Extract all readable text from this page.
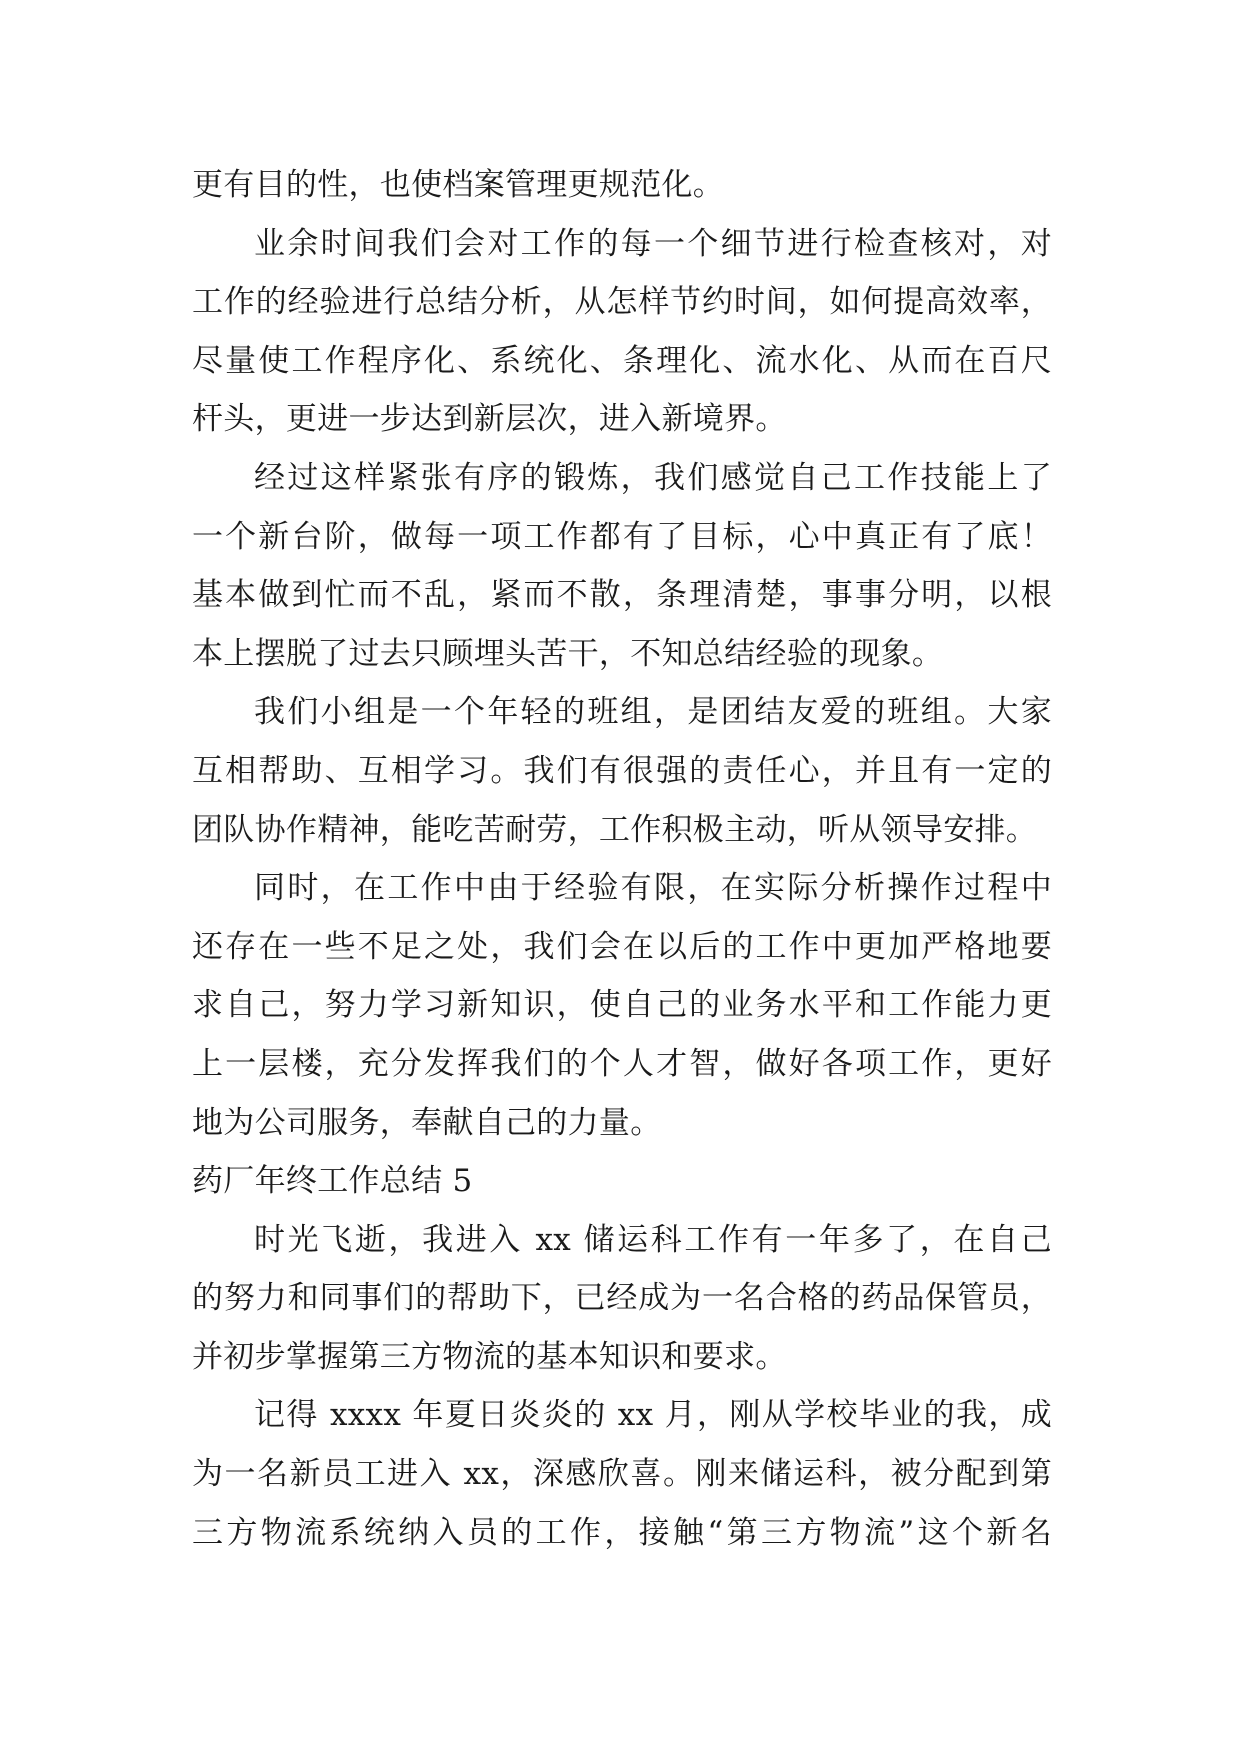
更有目的性，也使档案管理更规范化。
业余时间我们会对工作的每一个细节进行检查核对，对
工作的经验进行总结分析，从怎样节约时间，如何提高效率，
尽量使工作程序化、系统化、条理化、流水化、从而在百尺
杆头，更进一步达到新层次，进入新境界。
经过这样紧张有序的锻炼，我们感觉自己工作技能上了
一个新台阶，做每一项工作都有了目标，心中真正有了底！
基本做到忙而不乱，紧而不散，条理清楚，事事分明，以根
本上摆脱了过去只顾埋头苦干，不知总结经验的现象。
我们小组是一个年轻的班组，是团结友爱的班组。大家
互相帮助、互相学习。我们有很强的责任心，并且有一定的
团队协作精神，能吃苦耐劳，工作积极主动，听从领导安排。
同时，在工作中由于经验有限，在实际分析操作过程中
还存在一些不足之处，我们会在以后的工作中更加严格地要
求自己，努力学习新知识，使自己的业务水平和工作能力更
上一层楼，充分发挥我们的个人才智，做好各项工作，更好
地为公司服务，奉献自己的力量。
药厂年终工作总结 5
时光飞逝，我进入 xx 储运科工作有一年多了，在自己
的努力和同事们的帮助下，已经成为一名合格的药品保管员，
并初步掌握第三方物流的基本知识和要求。
记得 xxxx 年夏日炎炎的 xx 月，刚从学校毕业的我，成
为一名新员工进入 xx，深感欣喜。刚来储运科，被分配到第
三方物流系统纳入员的工作，接触“第三方物流”这个新名
